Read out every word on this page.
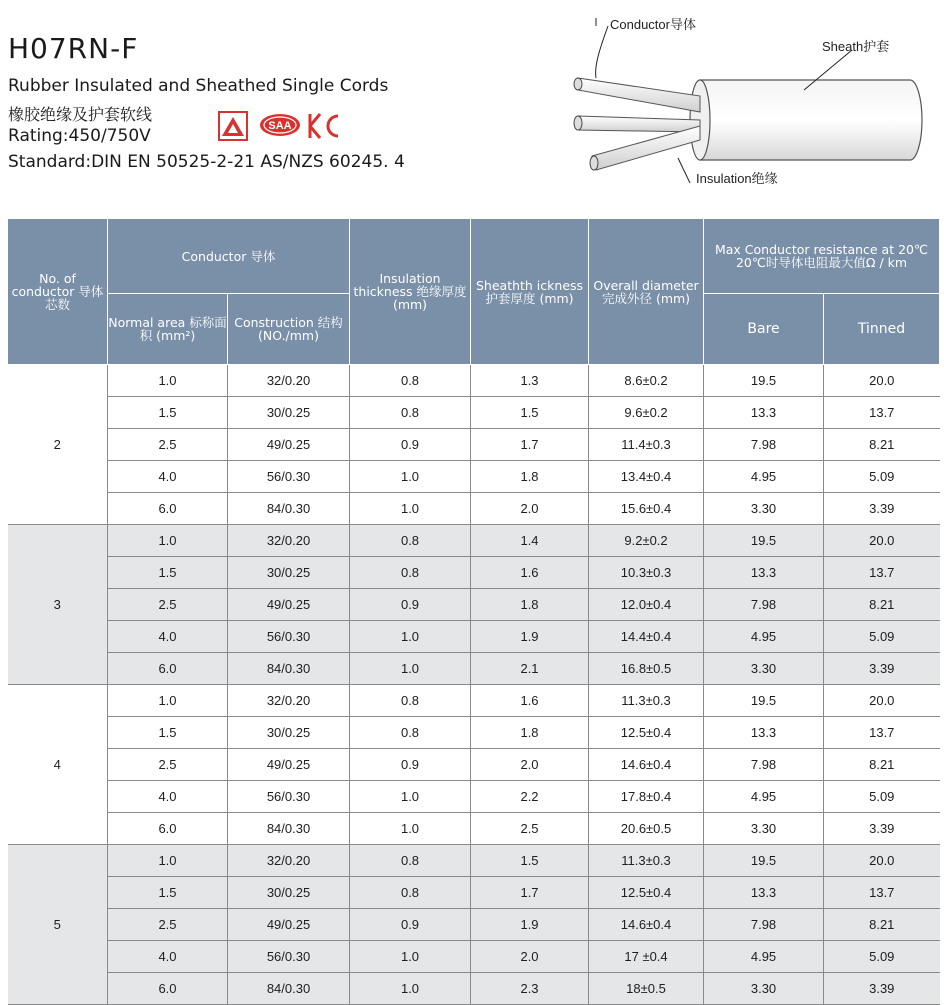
H07RN-F
Rubber Insulated and Sheathed Single Cords
橡胶绝缘及护套软线
Rating:450/750V
Standard:DIN EN 50525-2-21 AS/NZS 60245. 4
SAA
Conductor导体
Sheath护套
Insulation绝缘
No. of conductor 导体芯数	Conductor 导体		Insulation thickness 绝缘厚度 (mm)	Sheathth ickness 护套厚度 (mm)	Overall diameter 完成外径 (mm)	Max Conductor resistance at 20℃ 20℃时导体电阻最大值Ω / km	
	Normal area 标称面积 (mm²)	Construction 结构 (NO./mm)				Bare	Tinned
2	1.0	32/0.20	0.8	1.3	8.6±0.2	19.5	20.0
	1.5	30/0.25	0.8	1.5	9.6±0.2	13.3	13.7
	2.5	49/0.25	0.9	1.7	11.4±0.3	7.98	8.21
	4.0	56/0.30	1.0	1.8	13.4±0.4	4.95	5.09
	6.0	84/0.30	1.0	2.0	15.6±0.4	3.30	3.39
3	1.0	32/0.20	0.8	1.4	9.2±0.2	19.5	20.0
	1.5	30/0.25	0.8	1.6	10.3±0.3	13.3	13.7
	2.5	49/0.25	0.9	1.8	12.0±0.4	7.98	8.21
	4.0	56/0.30	1.0	1.9	14.4±0.4	4.95	5.09
	6.0	84/0.30	1.0	2.1	16.8±0.5	3.30	3.39
4	1.0	32/0.20	0.8	1.6	11.3±0.3	19.5	20.0
	1.5	30/0.25	0.8	1.8	12.5±0.4	13.3	13.7
	2.5	49/0.25	0.9	2.0	14.6±0.4	7.98	8.21
	4.0	56/0.30	1.0	2.2	17.8±0.4	4.95	5.09
	6.0	84/0.30	1.0	2.5	20.6±0.5	3.30	3.39
5	1.0	32/0.20	0.8	1.5	11.3±0.3	19.5	20.0
	1.5	30/0.25	0.8	1.7	12.5±0.4	13.3	13.7
	2.5	49/0.25	0.9	1.9	14.6±0.4	7.98	8.21
	4.0	56/0.30	1.0	2.0	17 ±0.4	4.95	5.09
	6.0	84/0.30	1.0	2.3	18±0.5	3.30	3.39
